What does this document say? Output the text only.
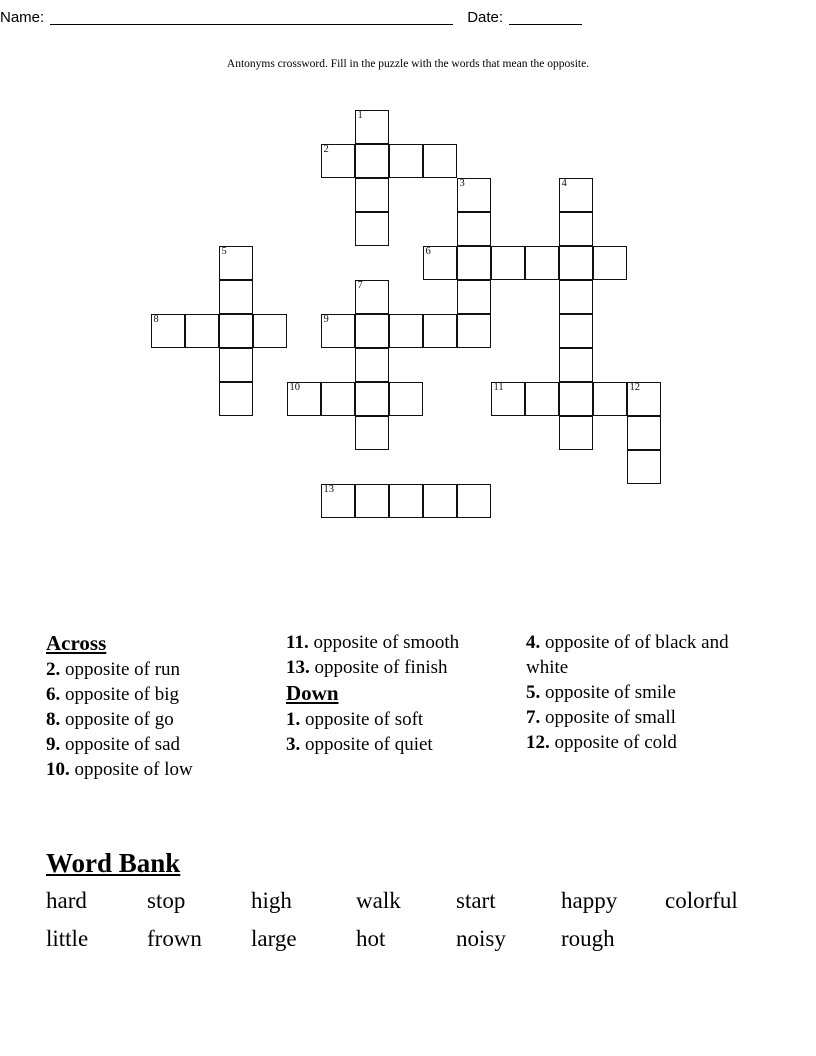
Name:	Date:
Antonyms crossword. Fill in the puzzle with the words that mean the opposite.
1
2
3	4
5	6
7
8	9
10	11	12
13
Across

2. opposite of run

6. opposite of big

8. opposite of go

9. opposite of sad

10. opposite of low

11. opposite of smooth

13. opposite of finish

Down

1. opposite of soft

3. opposite of quiet

4. opposite of of black and white

5. opposite of smile

7. opposite of small

12. opposite of cold

Word Bank
hard	stop	high	walk	start	happy	colorful
little	frown	large	hot	noisy	rough
